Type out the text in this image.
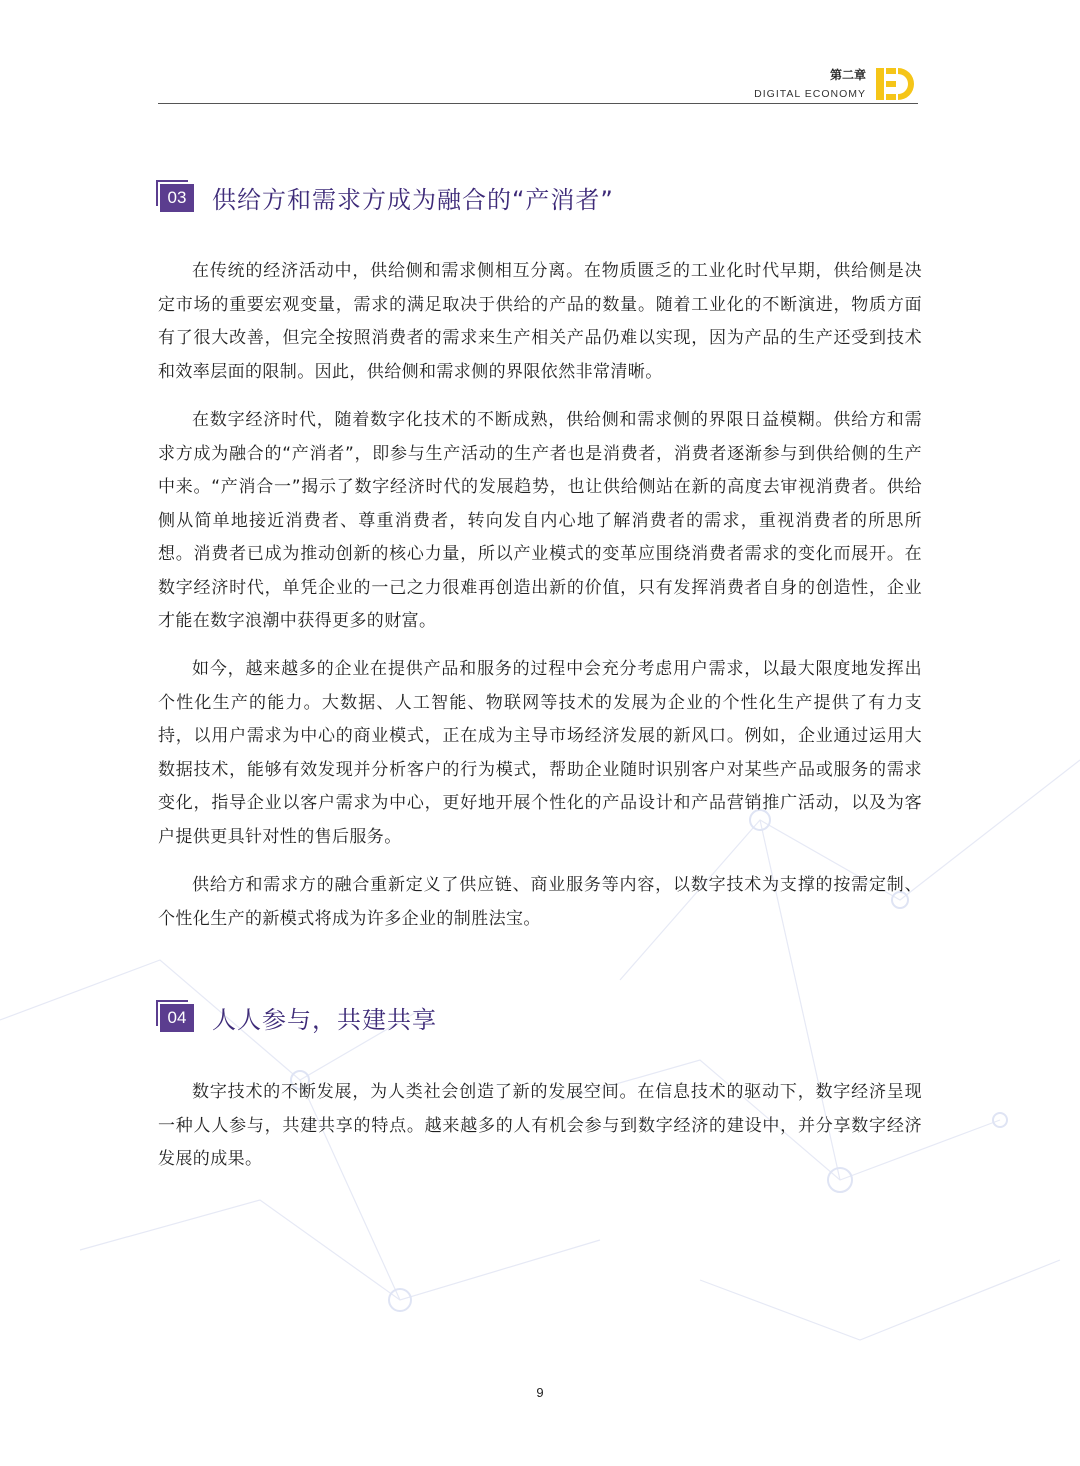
第二章
DIGITAL ECONOMY
03	供给方和需求方成为融合的“产消者”

在传统的经济活动中，供给侧和需求侧相互分离。在物质匮乏的工业化时代早期，供给侧是决定市场的重要宏观变量，需求的满足取决于供给的产品的数量。随着工业化的不断演进，物质方面有了很大改善，但完全按照消费者的需求来生产相关产品仍难以实现，因为产品的生产还受到技术和效率层面的限制。因此，供给侧和需求侧的界限依然非常清晰。

在数字经济时代，随着数字化技术的不断成熟，供给侧和需求侧的界限日益模糊。供给方和需求方成为融合的“产消者”，即参与生产活动的生产者也是消费者，消费者逐渐参与到供给侧的生产中来。“产消合一”揭示了数字经济时代的发展趋势，也让供给侧站在新的高度去审视消费者。供给侧从简单地接近消费者、尊重消费者，转向发自内心地了解消费者的需求，重视消费者的所思所想。消费者已成为推动创新的核心力量，所以产业模式的变革应围绕消费者需求的变化而展开。在数字经济时代，单凭企业的一己之力很难再创造出新的价值，只有发挥消费者自身的创造性，企业才能在数字浪潮中获得更多的财富。

如今，越来越多的企业在提供产品和服务的过程中会充分考虑用户需求，以最大限度地发挥出个性化生产的能力。大数据、人工智能、物联网等技术的发展为企业的个性化生产提供了有力支持，以用户需求为中心的商业模式，正在成为主导市场经济发展的新风口。例如，企业通过运用大数据技术，能够有效发现并分析客户的行为模式，帮助企业随时识别客户对某些产品或服务的需求变化，指导企业以客户需求为中心，更好地开展个性化的产品设计和产品营销推广活动，以及为客户提供更具针对性的售后服务。

供给方和需求方的融合重新定义了供应链、商业服务等内容，以数字技术为支撑的按需定制、个性化生产的新模式将成为许多企业的制胜法宝。

04	人人参与，共建共享

数字技术的不断发展，为人类社会创造了新的发展空间。在信息技术的驱动下，数字经济呈现一种人人参与，共建共享的特点。越来越多的人有机会参与到数字经济的建设中，并分享数字经济发展的成果。

9
